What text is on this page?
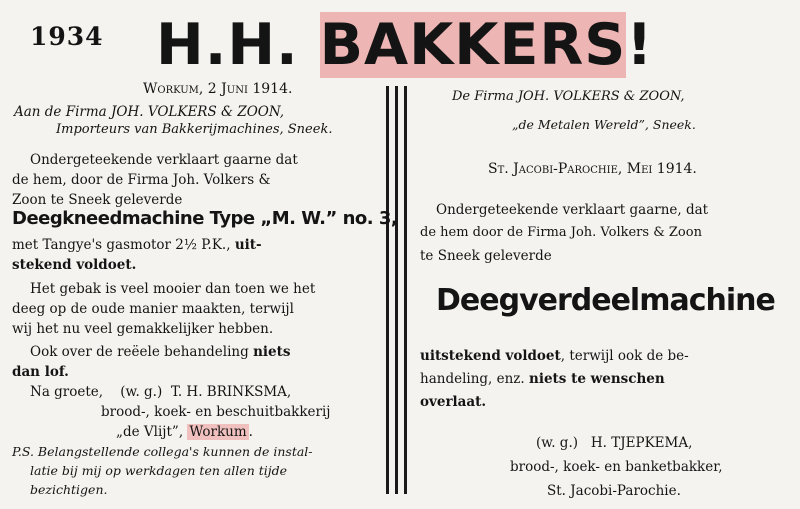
1934 H.H. BAKKERS!
Workum, 2 Juni 1914.
Aan de Firma JOH. VOLKERS & ZOON,
Importeurs van Bakkerijmachines, Sneek.
Ondergeteekende verklaart gaarne dat
de hem, door de Firma Joh. Volkers &
Zoon te Sneek geleverde
Deegkneedmachine Type „M. W.” no. 3,
met Tangye's gasmotor 2½ P.K., uit-
stekend voldoet.
Het gebak is veel mooier dan toen we het
deeg op de oude manier maakten, terwijl
wij het nu veel gemakkelijker hebben.
Ook over de reëele behandeling niets
dan lof.
Na groete,    (w. g.)  T. H. BRINKSMA,
brood-, koek- en beschuitbakkerij
„de Vlijt”, Workum .
P.S. Belangstellende collega's kunnen de instal-
latie bij mij op werkdagen ten allen tijde
bezichtigen.
De Firma JOH. VOLKERS & ZOON,
„de Metalen Wereld”, Sneek.
St. Jacobi-Parochie, Mei 1914.
Ondergeteekende verklaart gaarne, dat
de hem door de Firma Joh. Volkers & Zoon
te Sneek geleverde
Deegverdeelmachine
uitstekend voldoet, terwijl ook de be-
handeling, enz. niets te wenschen
overlaat.
(w. g.)   H. TJEPKEMA,
brood-, koek- en banketbakker,
St. Jacobi-Parochie.
